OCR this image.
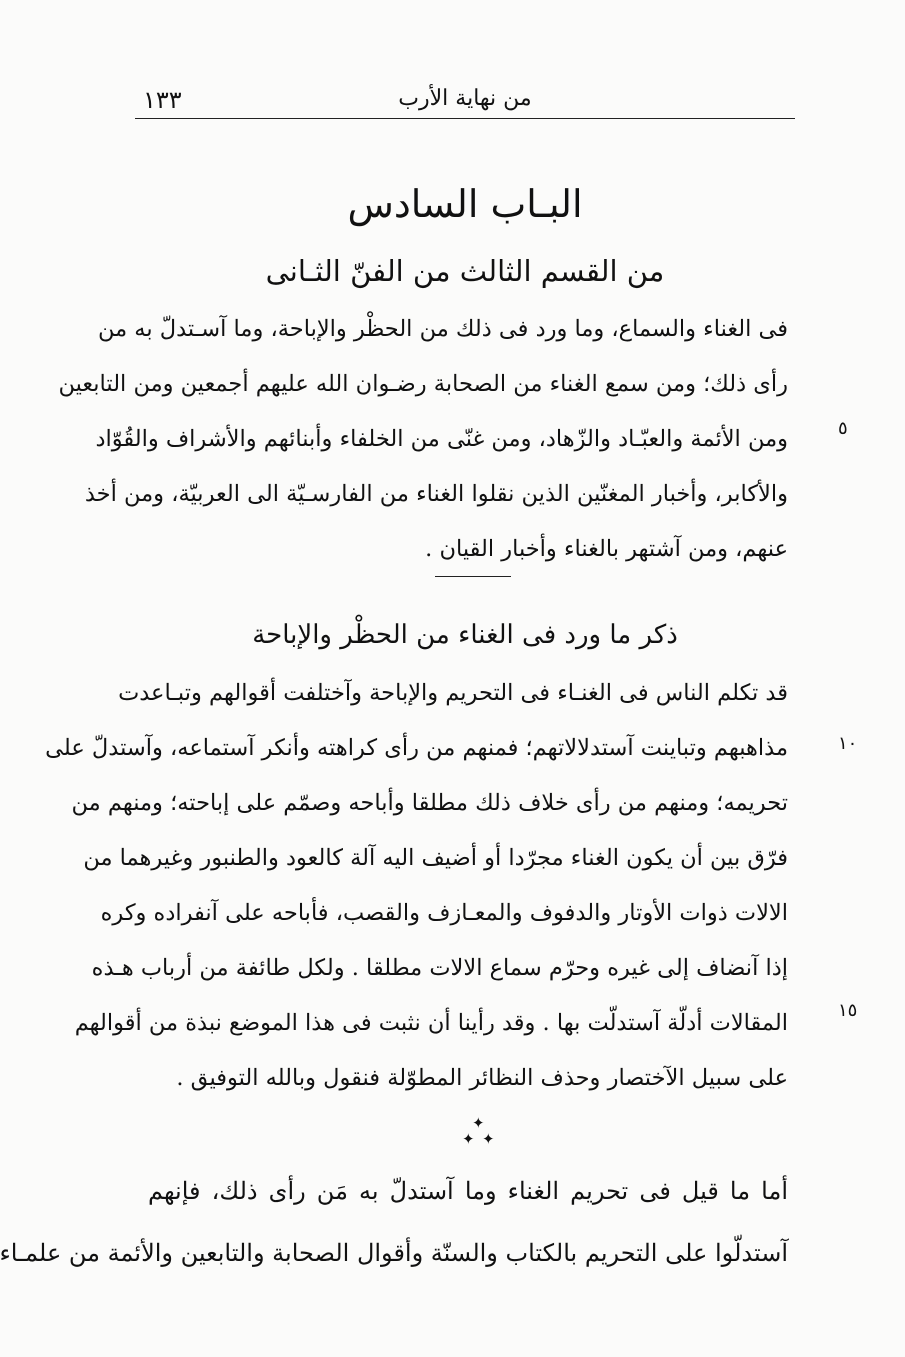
من نهاية الأرب
١٣٣
البـاب السادس
من القسم الثالث من الفنّ الثـانى
فى الغناء والسماع، وما ورد فى ذلك من الحظْر والإباحة، وما آسـتدلّ به من
رأى ذلك؛ ومن سمع الغناء من الصحابة رضـوان الله عليهم أجمعين ومن التابعين
ومن الأئمة والعبّـاد والزّهاد، ومن غنّى من الخلفاء وأبنائهم والأشراف والقُوّاد
والأكابر، وأخبار المغنّين الذين نقلوا الغناء من الفارسـيّة الى العربيّة، ومن أخذ
عنهم، ومن آشتهر بالغناء وأخبار القيان .
٥
ذكر ما ورد فى الغناء من الحظْر والإباحة
قد تكلم الناس فى الغنـاء فى التحريم والإباحة وآختلفت أقوالهم وتبـاعدت
مذاهبهم وتباينت آستدلالاتهم؛ فمنهم من رأى كراهته وأنكر آستماعه، وآستدلّ على
تحريمه؛ ومنهم من رأى خلاف ذلك مطلقا وأباحه وصمّم على إباحته؛ ومنهم من
فرّق بين أن يكون الغناء مجرّدا أو أضيف اليه آلة كالعود والطنبور وغيرهما من
الالات ذوات الأوتار والدفوف والمعـازف والقصب، فأباحه على آنفراده وكره
إذا آنضاف إلى غيره وحرّم سماع الالات مطلقا . ولكل طائفة من أرباب هـذه
المقالات أدلّة آستدلّت بها . وقد رأينا أن نثبت فى هذا الموضع نبذة من أقوالهم
على سبيل الآختصار وحذف النظائر المطوّلة فنقول وبالله التوفيق .
١٠
١٥
✦
✦ ✦
أما ما قيل فى تحريم الغناء وما آستدلّ به مَن رأى ذلك، فإنهم
آستدلّوا على التحريم بالكتاب والسنّة وأقوال الصحابة والتابعين والأئمة من علمـاء
